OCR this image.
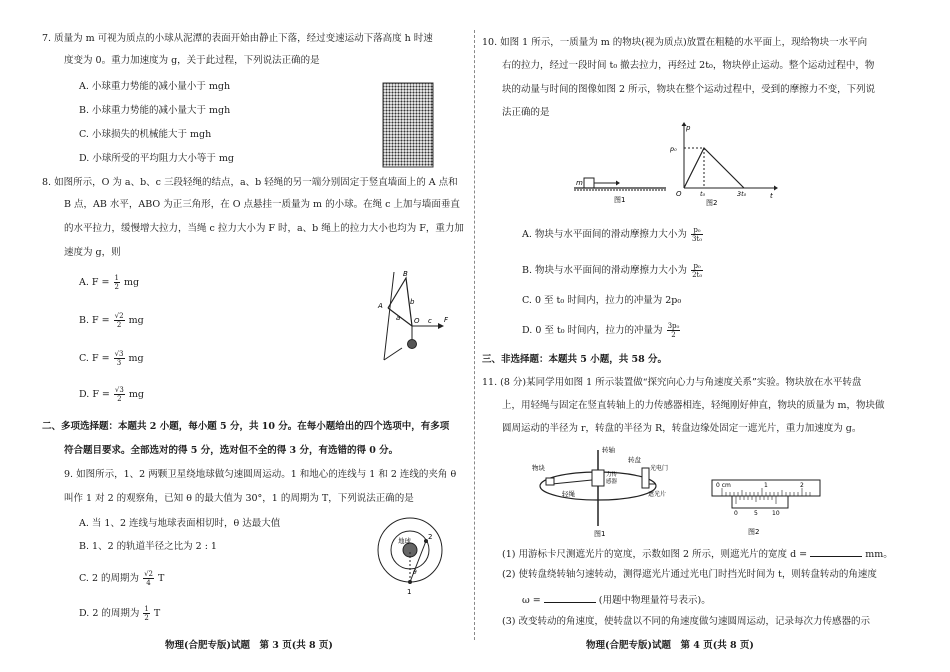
7. 质量为 m 可视为质点的小球从泥潭的表面开始由静止下落，经过变速运动下落高度 h 时速
度变为 0。重力加速度为 g，关于此过程，下列说法正确的是
A. 小球重力势能的减小量小于 mgh
B. 小球重力势能的减小量大于 mgh
C. 小球损失的机械能大于 mgh
D. 小球所受的平均阻力大小等于 mg
8. 如图所示，O 为 a、b、c 三段轻绳的结点，a、b 轻绳的另一端分别固定于竖直墙面上的 A 点和
B 点，AB 水平，ABO 为正三角形，在 O 点悬挂一质量为 m 的小球。在绳 c 上加与墙面垂直
的水平拉力，缓慢增大拉力，当绳 c 拉力大小为 F 时，a、b 绳上的拉力大小也均为 F，重力加
速度为 g，则
A. $F = \frac{1}{2}$ mg
B. $F = \frac{√2}{2}$ mg
C. $F = \frac{√3}{3}$ mg
D. $F = \frac{√3}{2}$ mg
B
A
a
b
O c F
二、多项选择题：本题共 2 小题，每小题 5 分，共 10 分。在每小题给出的四个选项中，有多项
符合题目要求。全部选对的得 5 分，选对但不全的得 3 分，有选错的得 0 分。
9. 如图所示，1、2 两颗卫星绕地球做匀速圆周运动。1 和地心的连线与 1 和 2 连线的夹角 θ
叫作 1 对 2 的观察角，已知 θ 的最大值为 30°，1 的周期为 T，下列说法正确的是
A. 当 1、2 连线与地球表面相切时，θ 达最大值
B. 1、2 的轨道半径之比为 2 : 1
C. 2 的周期为 $\frac{√2}{4}$ T
D. 2 的周期为 $\frac{1}{2}$ T
地球 2
1
θ
物理(合肥专版)试题　第 3 页(共 8 页)
10. 如图 1 所示，一质量为 m 的物块(视为质点)放置在粗糙的水平面上，现给物块一水平向
右的拉力，经过一段时间 t₀ 撤去拉力，再经过 2t₀，物块停止运动。整个运动过程中，物
块的动量与时间的图像如图 2 所示，物块在整个运动过程中，受到的摩擦力不变，下列说
法正确的是
m
图1
p
p₀
O	t₀	3t₀	t
图2
A. 物块与水平面间的滑动摩擦力大小为 $\frac{\text{p₀}}{\text{3t₀}}$
B. 物块与水平面间的滑动摩擦力大小为 $\frac{\text{p₀}}{\text{2t₀}}$
C. 0 至 t₀ 时间内，拉力的冲量为 2p₀
D. 0 至 t₀ 时间内，拉力的冲量为 $\frac{\text{3p₀}}{2}$
三、非选择题：本题共 5 小题，共 58 分。
11. (8 分)某同学用如图 1 所示装置做“探究向心力与角速度关系”实验。物块放在水平转盘
上，用轻绳与固定在竖直转轴上的力传感器相连，轻绳刚好伸直，物块的质量为 m，物块做
圆周运动的半径为 r，转盘的半径为 R，转盘边缘处固定一遮光片，重力加速度为 g。
转轴
转盘
物块
力传
感器
轻绳
光电门
遮光片
图1
0 cm	1	2
0	5 10
图2
(1) 用游标卡尺测遮光片的宽度，示数如图 2 所示，则遮光片的宽度 d =	mm。
(2) 使转盘绕转轴匀速转动，测得遮光片通过光电门时挡光时间为 t，则转盘转动的角速度
ω =	(用题中物理量符号表示)。
(3) 改变转动的角速度，使转盘以不同的角速度做匀速圆周运动，记录每次力传感器的示
物理(合肥专版)试题　第 4 页(共 8 页)
